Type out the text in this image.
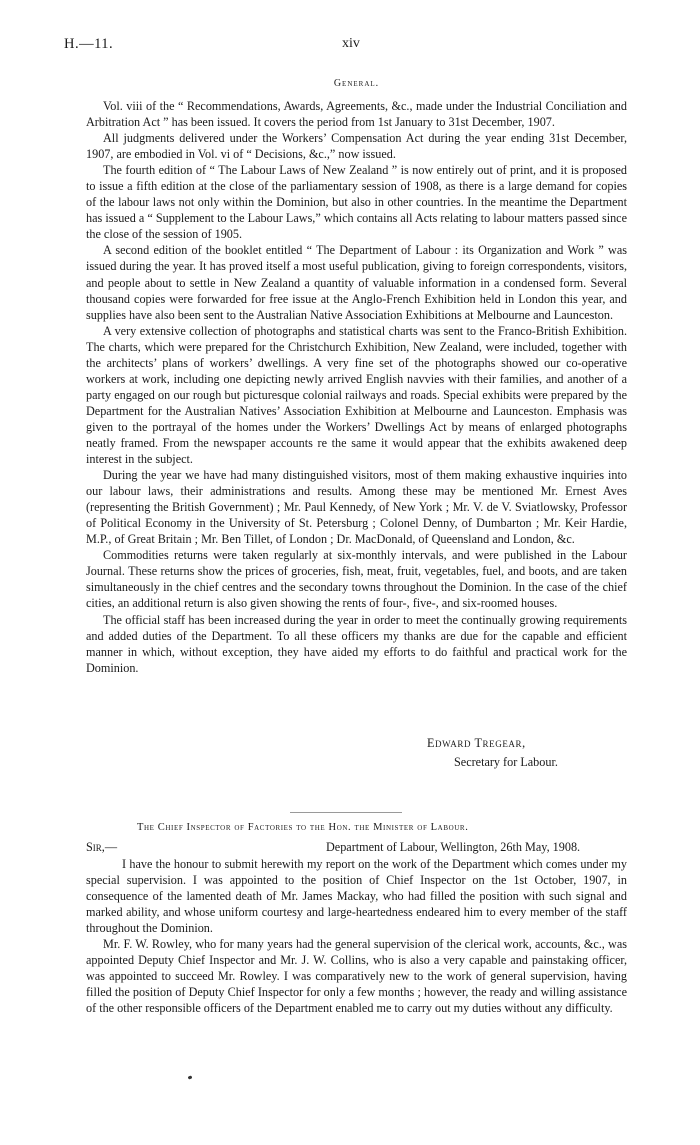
H.—11.	xiv
General.

Vol. viii of the “ Recommendations, Awards, Agreements, &c., made under the Industrial Conciliation and Arbitration Act ” has been issued. It covers the period from 1st January to 31st December, 1907.

All judgments delivered under the Workers’ Compensation Act during the year ending 31st December, 1907, are embodied in Vol. vi of “ Decisions, &c.,” now issued.

The fourth edition of “ The Labour Laws of New Zealand ” is now entirely out of print, and it is proposed to issue a fifth edition at the close of the parliamentary session of 1908, as there is a large demand for copies of the labour laws not only within the Dominion, but also in other countries. In the meantime the Department has issued a “ Supplement to the Labour Laws,” which contains all Acts relating to labour matters passed since the close of the session of 1905.

A second edition of the booklet entitled “ The Department of Labour : its Organization and Work ” was issued during the year. It has proved itself a most useful publication, giving to foreign correspondents, visitors, and people about to settle in New Zealand a quantity of valuable information in a condensed form. Several thousand copies were forwarded for free issue at the Anglo-French Exhibition held in London this year, and supplies have also been sent to the Australian Native Association Exhibitions at Melbourne and Launceston.

A very extensive collection of photographs and statistical charts was sent to the Franco-British Exhibition. The charts, which were prepared for the Christchurch Exhibition, New Zealand, were included, together with the architects’ plans of workers’ dwellings. A very fine set of the photographs showed our co-operative workers at work, including one depicting newly arrived English navvies with their families, and another of a party engaged on our rough but picturesque colonial railways and roads. Special exhibits were prepared by the Department for the Australian Natives’ Association Exhibition at Melbourne and Launceston. Emphasis was given to the portrayal of the homes under the Workers’ Dwellings Act by means of enlarged photographs neatly framed. From the newspaper accounts re the same it would appear that the exhibits awakened deep interest in the subject.

During the year we have had many distinguished visitors, most of them making exhaustive inquiries into our labour laws, their administrations and results. Among these may be mentioned Mr. Ernest Aves (representing the British Government) ; Mr. Paul Kennedy, of New York ; Mr. V. de V. Sviatlowsky, Professor of Political Economy in the University of St. Petersburg ; Colonel Denny, of Dumbarton ; Mr. Keir Hardie, M.P., of Great Britain ; Mr. Ben Tillet, of London ; Dr. MacDonald, of Queensland and London, &c.

Commodities returns were taken regularly at six-monthly intervals, and were published in the Labour Journal. These returns show the prices of groceries, fish, meat, fruit, vegetables, fuel, and boots, and are taken simultaneously in the chief centres and the secondary towns throughout the Dominion. In the case of the chief cities, an additional return is also given showing the rents of four-, five-, and six-roomed houses.

The official staff has been increased during the year in order to meet the continually growing requirements and added duties of the Department. To all these officers my thanks are due for the capable and efficient manner in which, without exception, they have aided my efforts to do faithful and practical work for the Dominion.

Edward Tregear,
Secretary for Labour.
The Chief Inspector of Factories to the Hon. the Minister of Labour.
Sir,—	Department of Labour, Wellington, 26th May, 1908.

I have the honour to submit herewith my report on the work of the Department which comes under my special supervision. I was appointed to the position of Chief Inspector on the 1st October, 1907, in consequence of the lamented death of Mr. James Mackay, who had filled the position with such signal and marked ability, and whose uniform courtesy and large-heartedness endeared him to every member of the staff throughout the Dominion.

Mr. F. W. Rowley, who for many years had the general supervision of the clerical work, accounts, &c., was appointed Deputy Chief Inspector and Mr. J. W. Collins, who is also a very capable and painstaking officer, was appointed to succeed Mr. Rowley. I was comparatively new to the work of general supervision, having filled the position of Deputy Chief Inspector for only a few months ; however, the ready and willing assistance of the other responsible officers of the Department enabled me to carry out my duties without any difficulty.
